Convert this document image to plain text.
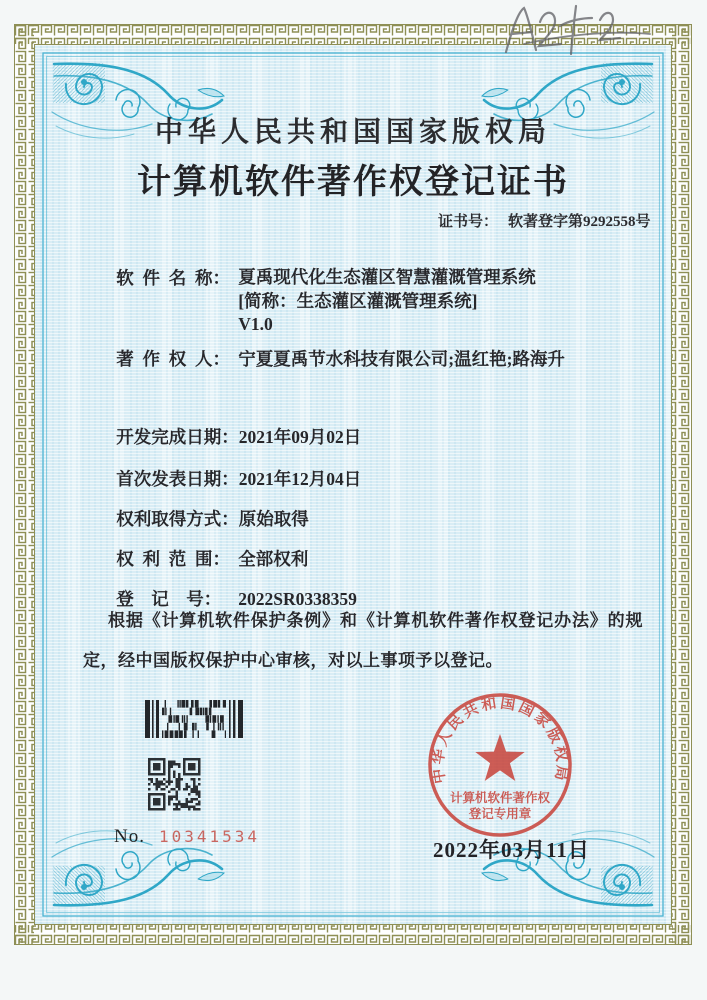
中华人民共和国国家版权局
计算机软件著作权登记证书
证书号： 软著登字第9292558号

软  件  名  称： 夏禹现代化生态灌区智慧灌溉管理系统
[简称：生态灌区灌溉管理系统]
V1.0

著  作  权  人： 宁夏夏禹节水科技有限公司;温红艳;路海升

开发完成日期：2021年09月02日

首次发表日期：2021年12月04日

权利取得方式：原始取得

权  利  范  围： 全部权利

登    记    号： 2022SR0338359

根据《计算机软件保护条例》和《计算机软件著作权登记办法》的规定，经中国版权保护中心审核，对以上事项予以登记。

No. 10341534
中华人民共和国国家版权局
计算机软件著作权
登记专用章
2022年03月11日
